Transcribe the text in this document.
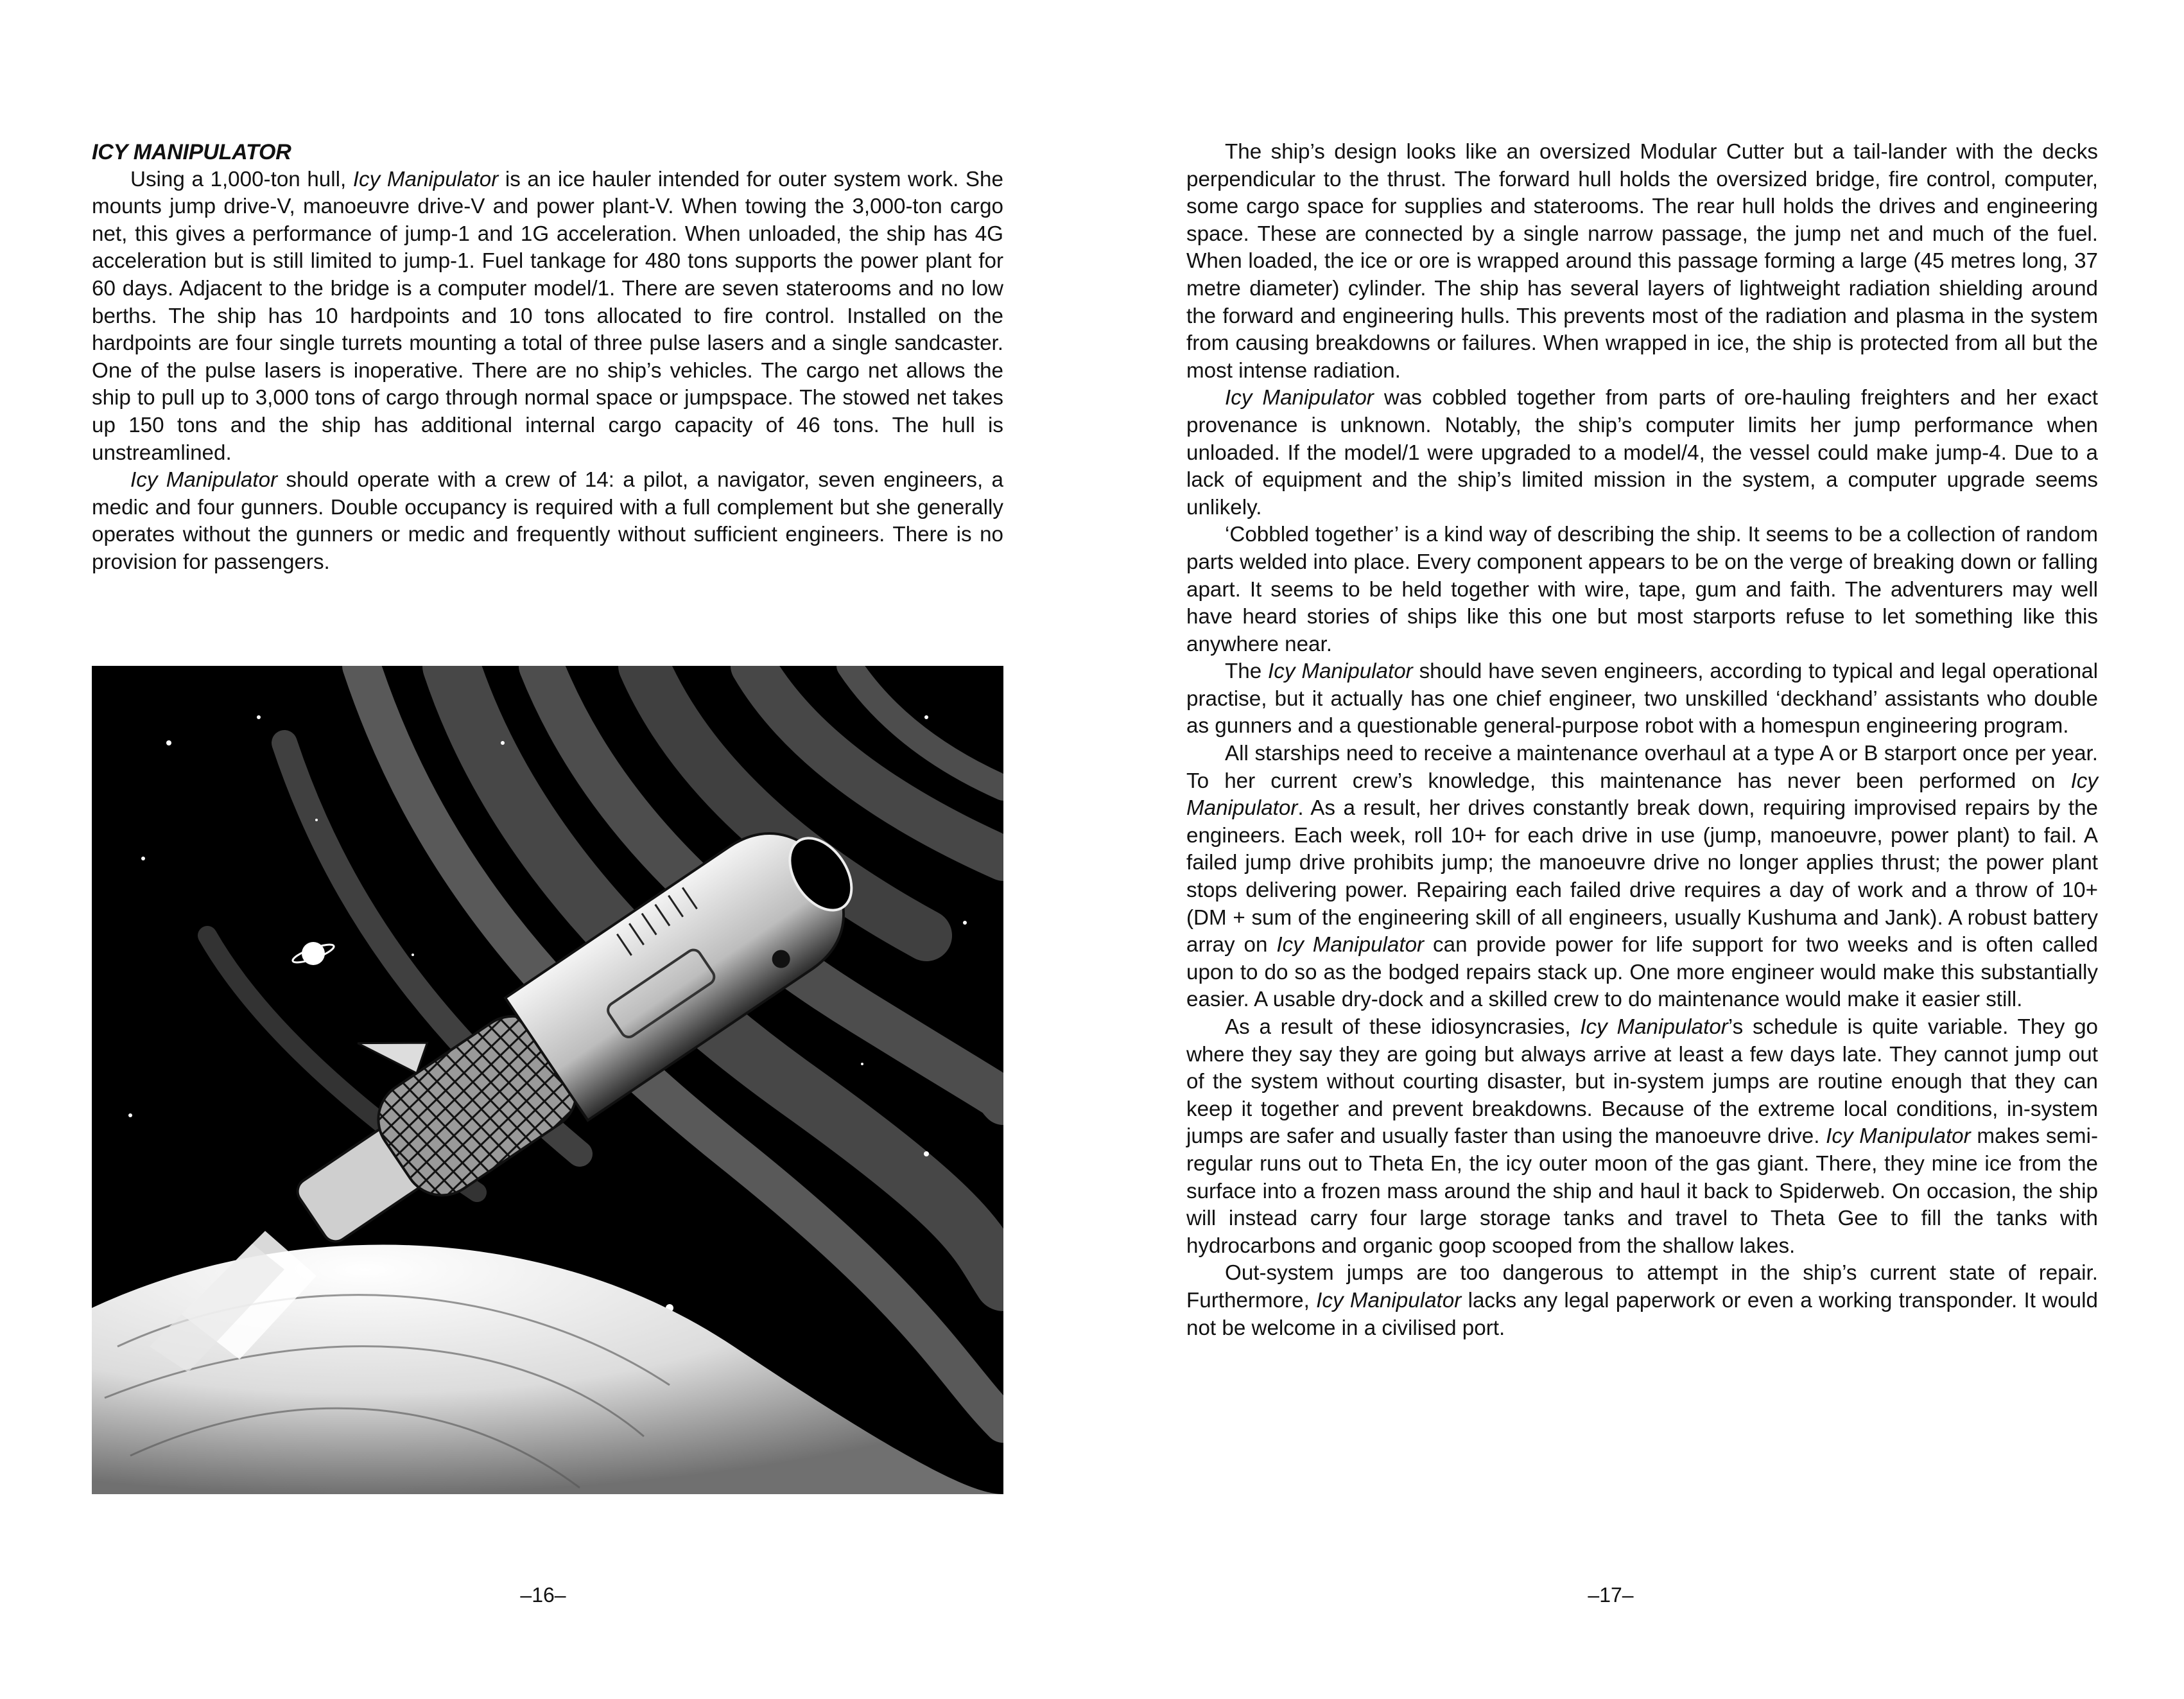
ICY MANIPULATOR

Using a 1,000-ton hull, Icy Manipulator is an ice hauler intended for outer system work. She mounts jump drive-V, manoeuvre drive-V and power plant-V. When towing the 3,000-ton cargo net, this gives a performance of jump-1 and 1G acceleration. When unloaded, the ship has 4G acceleration but is still limited to jump-1. Fuel tankage for 480 tons supports the power plant for 60 days. Adjacent to the bridge is a computer model/1. There are seven staterooms and no low berths. The ship has 10 hardpoints and 10 tons allocated to fire control. Installed on the hardpoints are four single turrets mounting a total of three pulse lasers and a single sandcaster. One of the pulse lasers is inoperative. There are no ship’s vehicles. The cargo net allows the ship to pull up to 3,000 tons of cargo through normal space or jumpspace. The stowed net takes up 150 tons and the ship has additional internal cargo capacity of 46 tons. The hull is unstreamlined.

Icy Manipulator should operate with a crew of 14: a pilot, a navigator, seven engineers, a medic and four gunners. Double occupancy is required with a full complement but she generally operates without the gunners or medic and frequently without sufficient engineers. There is no provision for passengers.

–16–

The ship’s design looks like an oversized Modular Cutter but a tail-lander with the decks perpendicular to the thrust. The forward hull holds the oversized bridge, fire control, computer, some cargo space for supplies and staterooms. The rear hull holds the drives and engineering space. These are connected by a single narrow passage, the jump net and much of the fuel. When loaded, the ice or ore is wrapped around this passage forming a large (45 metres long, 37 metre diameter) cylinder. The ship has several layers of lightweight radiation shielding around the forward and engineering hulls. This prevents most of the radiation and plasma in the system from causing breakdowns or failures. When wrapped in ice, the ship is protected from all but the most intense radiation.

Icy Manipulator was cobbled together from parts of ore-hauling freighters and her exact provenance is unknown. Notably, the ship’s computer limits her jump performance when unloaded. If the model/1 were upgraded to a model/4, the vessel could make jump-4. Due to a lack of equipment and the ship’s limited mission in the system, a computer upgrade seems unlikely.

‘Cobbled together’ is a kind way of describing the ship. It seems to be a collection of random parts welded into place. Every component appears to be on the verge of breaking down or falling apart. It seems to be held together with wire, tape, gum and faith. The adventurers may well have heard stories of ships like this one but most starports refuse to let something like this anywhere near.

The Icy Manipulator should have seven engineers, according to typical and legal operational practise, but it actually has one chief engineer, two unskilled ‘deckhand’ assistants who double as gunners and a questionable general-purpose robot with a homespun engineering program.

All starships need to receive a maintenance overhaul at a type A or B starport once per year. To her current crew’s knowledge, this maintenance has never been performed on Icy Manipulator. As a result, her drives constantly break down, requiring improvised repairs by the engineers. Each week, roll 10+ for each drive in use (jump, manoeuvre, power plant) to fail. A failed jump drive prohibits jump; the manoeuvre drive no longer applies thrust; the power plant stops delivering power. Repairing each failed drive requires a day of work and a throw of 10+ (DM + sum of the engineering skill of all engineers, usually Kushuma and Jank). A robust battery array on Icy Manipulator can provide power for life support for two weeks and is often called upon to do so as the bodged repairs stack up. One more engineer would make this substantially easier. A usable dry-dock and a skilled crew to do maintenance would make it easier still.

As a result of these idiosyncrasies, Icy Manipulator’s schedule is quite variable. They go where they say they are going but always arrive at least a few days late. They cannot jump out of the system without courting disaster, but in-system jumps are routine enough that they can keep it together and prevent breakdowns. Because of the extreme local conditions, in-system jumps are safer and usually faster than using the manoeuvre drive. Icy Manipulator makes semi-regular runs out to Theta En, the icy outer moon of the gas giant. There, they mine ice from the surface into a frozen mass around the ship and haul it back to Spiderweb. On occasion, the ship will instead carry four large storage tanks and travel to Theta Gee to fill the tanks with hydrocarbons and organic goop scooped from the shallow lakes.

Out-system jumps are too dangerous to attempt in the ship’s current state of repair. Furthermore, Icy Manipulator lacks any legal paperwork or even a working transponder. It would not be welcome in a civilised port.

–17–
